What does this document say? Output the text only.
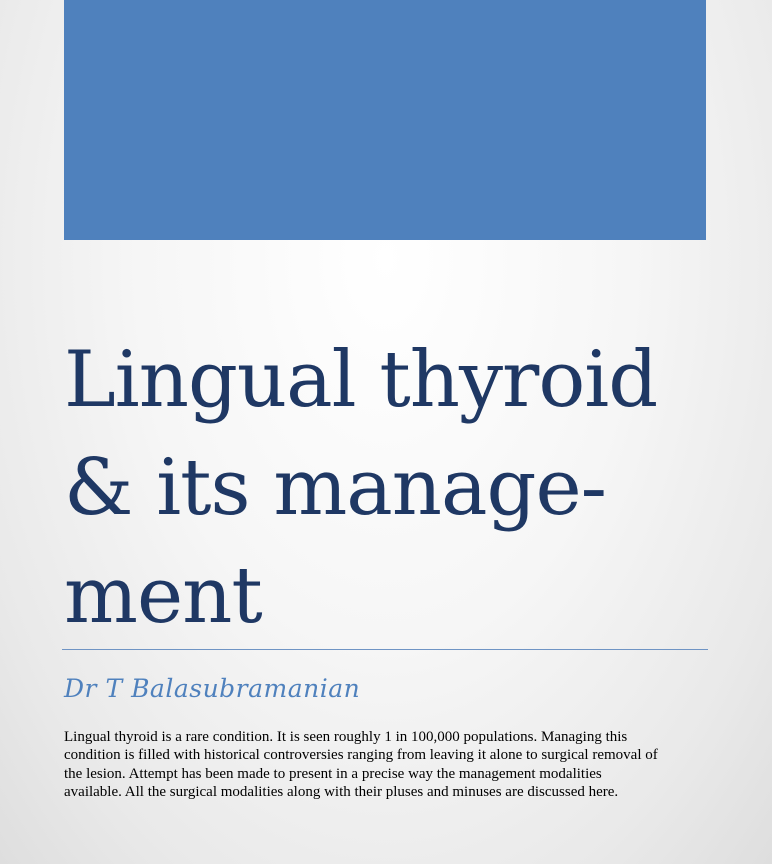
Lingual thyroid
& its manage-
ment

Dr T Balasubramanian

Lingual thyroid is a rare condition. It is seen roughly 1 in 100,000 populations. Managing this
condition is filled with historical controversies ranging from leaving it alone to surgical removal of
the lesion. Attempt has been made to present in a precise way the management modalities
available. All the surgical modalities along with their pluses and minuses are discussed here.
